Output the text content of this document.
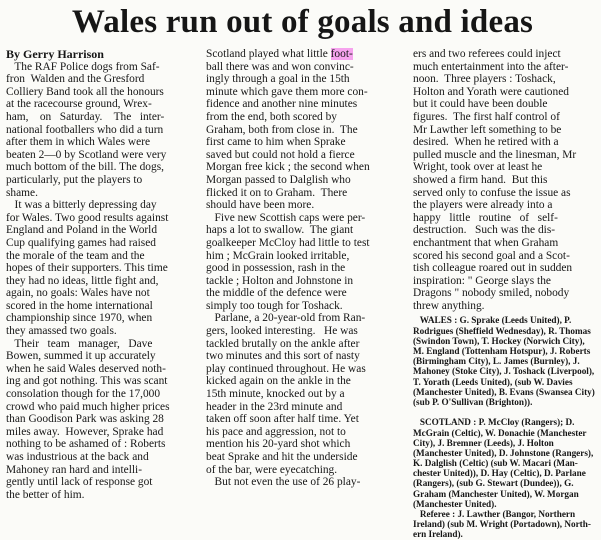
Wales run out of goals and ideas
By Gerry Harrison
The RAF Police dogs from Saf-
fron  Walden and the Gresford
Colliery Band took all the honours
at the racecourse ground, Wrex-
ham,    on   Saturday.    The   inter-
national footballers who did a turn
after them in which Wales were
beaten 2—0 by Scotland were very
much bottom of the bill. The dogs,
particularly, put the players to
shame.
It was a bitterly depressing day
for Wales. Two good results against
England and Poland in the World
Cup qualifying games had raised
the morale of the team and the
hopes of their supporters. This time
they had no ideas, little fight and,
again, no goals: Wales have not
scored in the home international
championship since 1970, when
they amassed two goals.
Their   team   manager,   Dave
Bowen, summed it up accurately
when he said Wales deserved noth-
ing and got nothing. This was scant
consolation though for the 17,000
crowd who paid much higher prices
than Goodison Park was asking 28
miles away.  However, Sprake had
nothing to be ashamed of : Roberts
was industrious at the back and
Mahoney ran hard and intelli-
gently until lack of response got
the better of him.
Scotland played what little foot-
ball there was and won convinc-
ingly through a goal in the 15th
minute which gave them more con-
fidence and another nine minutes
from the end, both scored by
Graham, both from close in.  The
first came to him when Sprake
saved but could not hold a fierce
Morgan free kick ; the second when
Morgan passed to Dalglish who
flicked it on to Graham.  There
should have been more.
Five new Scottish caps were per-
haps a lot to swallow.  The giant
goalkeeper McCloy had little to test
him ; McGrain looked irritable,
good in possession, rash in the
tackle ; Holton and Johnstone in
the middle of the defence were
simply too tough for Toshack.
Parlane, a 20-year-old from Ran-
gers, looked interesting.   He was
tackled brutally on the ankle after
two minutes and this sort of nasty
play continued throughout. He was
kicked again on the ankle in the
15th minute, knocked out by a
header in the 23rd minute and
taken off soon after half time. Yet
his pace and aggression, not to
mention his 20-yard shot which
beat Sprake and hit the underside
of the bar, were eyecatching.
But not even the use of 26 play-
ers and two referees could inject
much entertainment into the after-
noon.  Three players : Toshack,
Holton and Yorath were cautioned
but it could have been double
figures.  The first half control of
Mr Lawther left something to be
desired.  When he retired with a
pulled muscle and the linesman, Mr
Wright, took over at least he
showed a firm hand.  But this
served only to confuse the issue as
the players were already into a
happy   little   routine   of   self-
destruction.   Such was the dis-
enchantment that when Graham
scored his second goal and a Scot-
tish colleague roared out in sudden
inspiration: " George slays the
Dragons " nobody smiled, nobody
threw anything.
WALES : G. Sprake (Leeds United), P.
Rodrigues (Sheffield Wednesday), R. Thomas
(Swindon Town), T. Hockey (Norwich City),
M. England (Tottenham Hotspur), J. Roberts
(Birmingham City), L. James (Burnley), J.
Mahoney (Stoke City), J. Toshack (Liverpool),
T. Yorath (Leeds United), (sub W. Davies
(Manchester United), B. Evans (Swansea City)
(sub P. O'Sullivan (Brighton)).
SCOTLAND : P. McCloy (Rangers); D.
McGrain (Celtic), W. Donachie (Manchester
City), J. Bremner (Leeds), J. Holton
(Manchester United), D. Johnstone (Rangers),
K. Dalglish (Celtic) (sub W. Macari (Man-
chester United)), D. Hay (Celtic), D. Parlane
(Rangers), (sub G. Stewart (Dundee)), G.
Graham (Manchester United), W. Morgan
(Manchester United).
Referee : J. Lawther (Bangor, Northern
Ireland) (sub M. Wright (Portadown), North-
ern Ireland).
